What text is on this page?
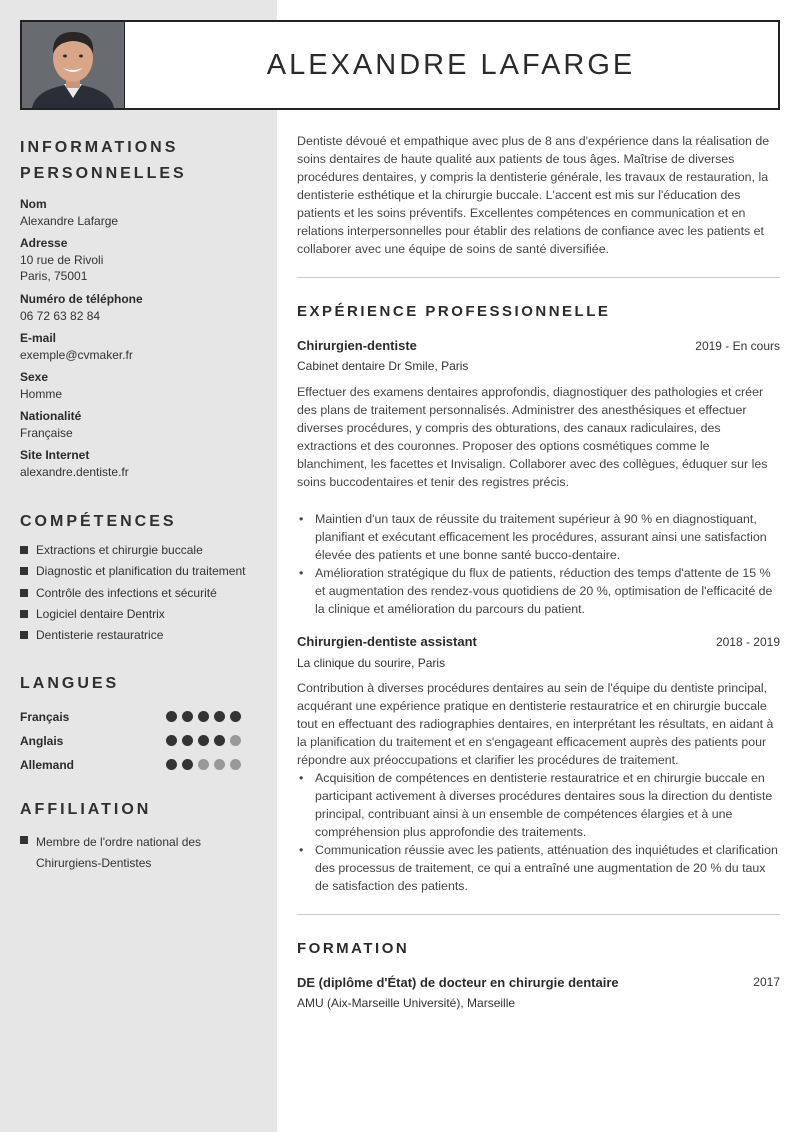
ALEXANDRE LAFARGE
INFORMATIONS
PERSONNELLES
Nom
Alexandre Lafarge
Adresse
10 rue de Rivoli
Paris, 75001
Numéro de téléphone
06 72 63 82 84
E-mail
exemple@cvmaker.fr
Sexe
Homme
Nationalité
Française
Site Internet
alexandre.dentiste.fr
COMPÉTENCES
Extractions et chirurgie buccale
Diagnostic et planification du traitement
Contrôle des infections et sécurité
Logiciel dentaire Dentrix
Dentisterie restauratrice
LANGUES
Français
Anglais
Allemand
AFFILIATION
Membre de l'ordre national des
Chirurgiens-Dentistes
Dentiste dévoué et empathique avec plus de 8 ans d'expérience dans la réalisation de soins dentaires de haute qualité aux patients de tous âges. Maîtrise de diverses procédures dentaires, y compris la dentisterie générale, les travaux de restauration, la dentisterie esthétique et la chirurgie buccale. L'accent est mis sur l'éducation des patients et les soins préventifs. Excellentes compétences en communication et en relations interpersonnelles pour établir des relations de confiance avec les patients et collaborer avec une équipe de soins de santé diversifiée.
EXPÉRIENCE PROFESSIONNELLE
Chirurgien-dentiste	2019 - En cours
Cabinet dentaire Dr Smile, Paris
Effectuer des examens dentaires approfondis, diagnostiquer des pathologies et créer des plans de traitement personnalisés. Administrer des anesthésiques et effectuer diverses procédures, y compris des obturations, des canaux radiculaires, des extractions et des couronnes. Proposer des options cosmétiques comme le blanchiment, les facettes et Invisalign. Collaborer avec des collègues, éduquer sur les soins buccodentaires et tenir des registres précis.
• Maintien d'un taux de réussite du traitement supérieur à 90 % en diagnostiquant, planifiant et exécutant efficacement les procédures, assurant ainsi une satisfaction élevée des patients et une bonne santé bucco-dentaire.
• Amélioration stratégique du flux de patients, réduction des temps d'attente de 15 % et augmentation des rendez-vous quotidiens de 20 %, optimisation de l'efficacité de la clinique et amélioration du parcours du patient.
Chirurgien-dentiste assistant	2018 - 2019
La clinique du sourire, Paris
Contribution à diverses procédures dentaires au sein de l'équipe du dentiste principal, acquérant une expérience pratique en dentisterie restauratrice et en chirurgie buccale tout en effectuant des radiographies dentaires, en interprétant les résultats, en aidant à la planification du traitement et en s'engageant efficacement auprès des patients pour répondre aux préoccupations et clarifier les procédures de traitement.
• Acquisition de compétences en dentisterie restauratrice et en chirurgie buccale en participant activement à diverses procédures dentaires sous la direction du dentiste principal, contribuant ainsi à un ensemble de compétences élargies et à une compréhension plus approfondie des traitements.
• Communication réussie avec les patients, atténuation des inquiétudes et clarification des processus de traitement, ce qui a entraîné une augmentation de 20 % du taux de satisfaction des patients.
FORMATION
DE (diplôme d'État) de docteur en chirurgie dentaire	2017
AMU (Aix-Marseille Université), Marseille
